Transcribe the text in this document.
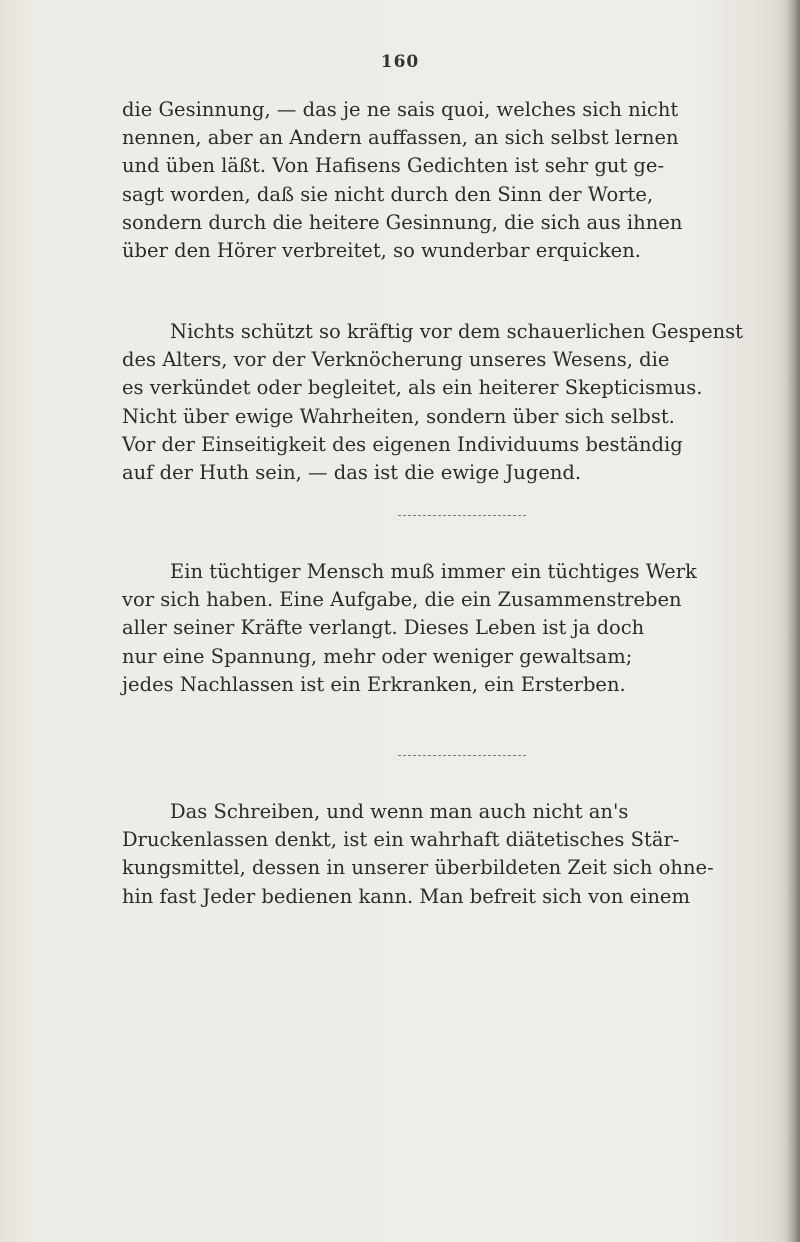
160
die Gesinnung, — das je ne sais quoi, welches sich nicht
nennen, aber an Andern auffassen, an sich selbst lernen
und üben läßt. Von Hafisens Gedichten ist sehr gut ge-
sagt worden, daß sie nicht durch den Sinn der Worte,
sondern durch die heitere Gesinnung, die sich aus ihnen
über den Hörer verbreitet, so wunderbar erquicken.
Nichts schützt so kräftig vor dem schauerlichen Gespenst
des Alters, vor der Verknöcherung unseres Wesens, die
es verkündet oder begleitet, als ein heiterer Skepticismus.
Nicht über ewige Wahrheiten, sondern über sich selbst.
Vor der Einseitigkeit des eigenen Individuums beständig
auf der Huth sein, — das ist die ewige Jugend.
Ein tüchtiger Mensch muß immer ein tüchtiges Werk
vor sich haben. Eine Aufgabe, die ein Zusammenstreben
aller seiner Kräfte verlangt. Dieses Leben ist ja doch
nur eine Spannung, mehr oder weniger gewaltsam;
jedes Nachlassen ist ein Erkranken, ein Ersterben.
Das Schreiben, und wenn man auch nicht an's
Druckenlassen denkt, ist ein wahrhaft diätetisches Stär-
kungsmittel, dessen in unserer überbildeten Zeit sich ohne-
hin fast Jeder bedienen kann. Man befreit sich von einem
